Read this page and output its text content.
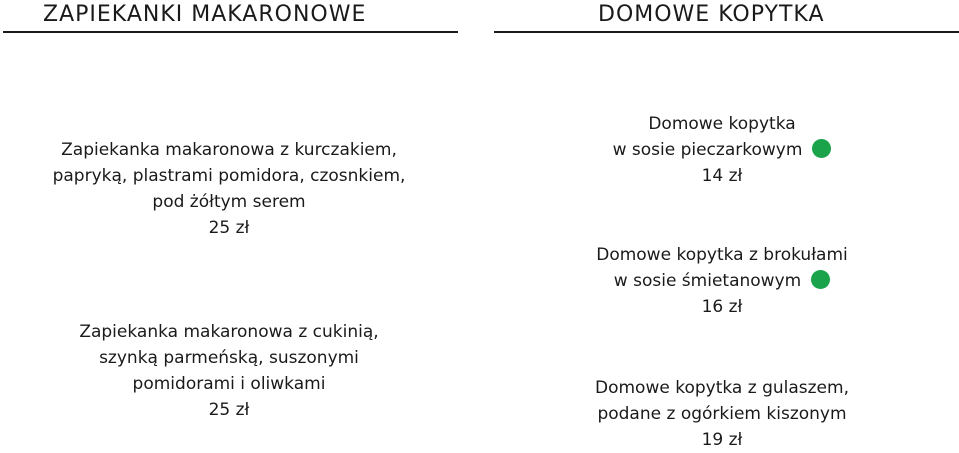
ZAPIEKANKI MAKARONOWE
Zapiekanka makaronowa z kurczakiem,
papryką, plastrami pomidora, czosnkiem,
pod żółtym serem
25 zł
Zapiekanka makaronowa z cukinią,
szynką parmeńską, suszonymi
pomidorami i oliwkami
25 zł
DOMOWE KOPYTKA
Domowe kopytka
w sosie pieczarkowym
14 zł
Domowe kopytka z brokułami
w sosie śmietanowym
16 zł
Domowe kopytka z gulaszem,
podane z ogórkiem kiszonym
19 zł
